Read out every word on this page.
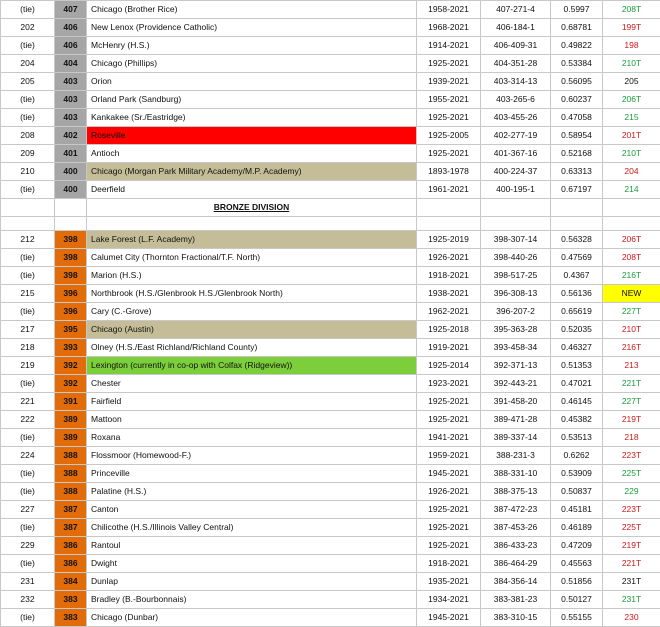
(tie)	407	Chicago (Brother Rice)	1958-2021	407-271-4	0.5997	208T
202	406	New Lenox (Providence Catholic)	1968-2021	406-184-1	0.68781	199T
(tie)	406	McHenry (H.S.)	1914-2021	406-409-31	0.49822	198
204	404	Chicago (Phillips)	1925-2021	404-351-28	0.53384	210T
205	403	Orion	1939-2021	403-314-13	0.56095	205
(tie)	403	Orland Park (Sandburg)	1955-2021	403-265-6	0.60237	206T
(tie)	403	Kankakee (Sr./Eastridge)	1925-2021	403-455-26	0.47058	215
208	402	Roseville	1925-2005	402-277-19	0.58954	201T
209	401	Antioch	1925-2021	401-367-16	0.52168	210T
210	400	Chicago (Morgan Park Military Academy/M.P. Academy)	1893-1978	400-224-37	0.63313	204
(tie)	400	Deerfield	1961-2021	400-195-1	0.67197	214
		BRONZE DIVISION				

212	398	Lake Forest (L.F. Academy)	1925-2019	398-307-14	0.56328	206T
(tie)	398	Calumet City (Thornton Fractional/T.F. North)	1926-2021	398-440-26	0.47569	208T
(tie)	398	Marion (H.S.)	1918-2021	398-517-25	0.4367	216T
215	396	Northbrook (H.S./Glenbrook H.S./Glenbrook North)	1938-2021	396-308-13	0.56136	NEW
(tie)	396	Cary (C.-Grove)	1962-2021	396-207-2	0.65619	227T
217	395	Chicago (Austin)	1925-2018	395-363-28	0.52035	210T
218	393	Olney (H.S./East Richland/Richland County)	1919-2021	393-458-34	0.46327	216T
219	392	Lexington (currently in co-op with Colfax (Ridgeview))	1925-2014	392-371-13	0.51353	213
(tie)	392	Chester	1923-2021	392-443-21	0.47021	221T
221	391	Fairfield	1925-2021	391-458-20	0.46145	227T
222	389	Mattoon	1925-2021	389-471-28	0.45382	219T
(tie)	389	Roxana	1941-2021	389-337-14	0.53513	218
224	388	Flossmoor (Homewood-F.)	1959-2021	388-231-3	0.6262	223T
(tie)	388	Princeville	1945-2021	388-331-10	0.53909	225T
(tie)	388	Palatine (H.S.)	1926-2021	388-375-13	0.50837	229
227	387	Canton	1925-2021	387-472-23	0.45181	223T
(tie)	387	Chilicothe (H.S./Illinois Valley Central)	1925-2021	387-453-26	0.46189	225T
229	386	Rantoul	1925-2021	386-433-23	0.47209	219T
(tie)	386	Dwight	1918-2021	386-464-29	0.45563	221T
231	384	Dunlap	1935-2021	384-356-14	0.51856	231T
232	383	Bradley (B.-Bourbonnais)	1934-2021	383-381-23	0.50127	231T
(tie)	383	Chicago (Dunbar)	1945-2021	383-310-15	0.55155	230
